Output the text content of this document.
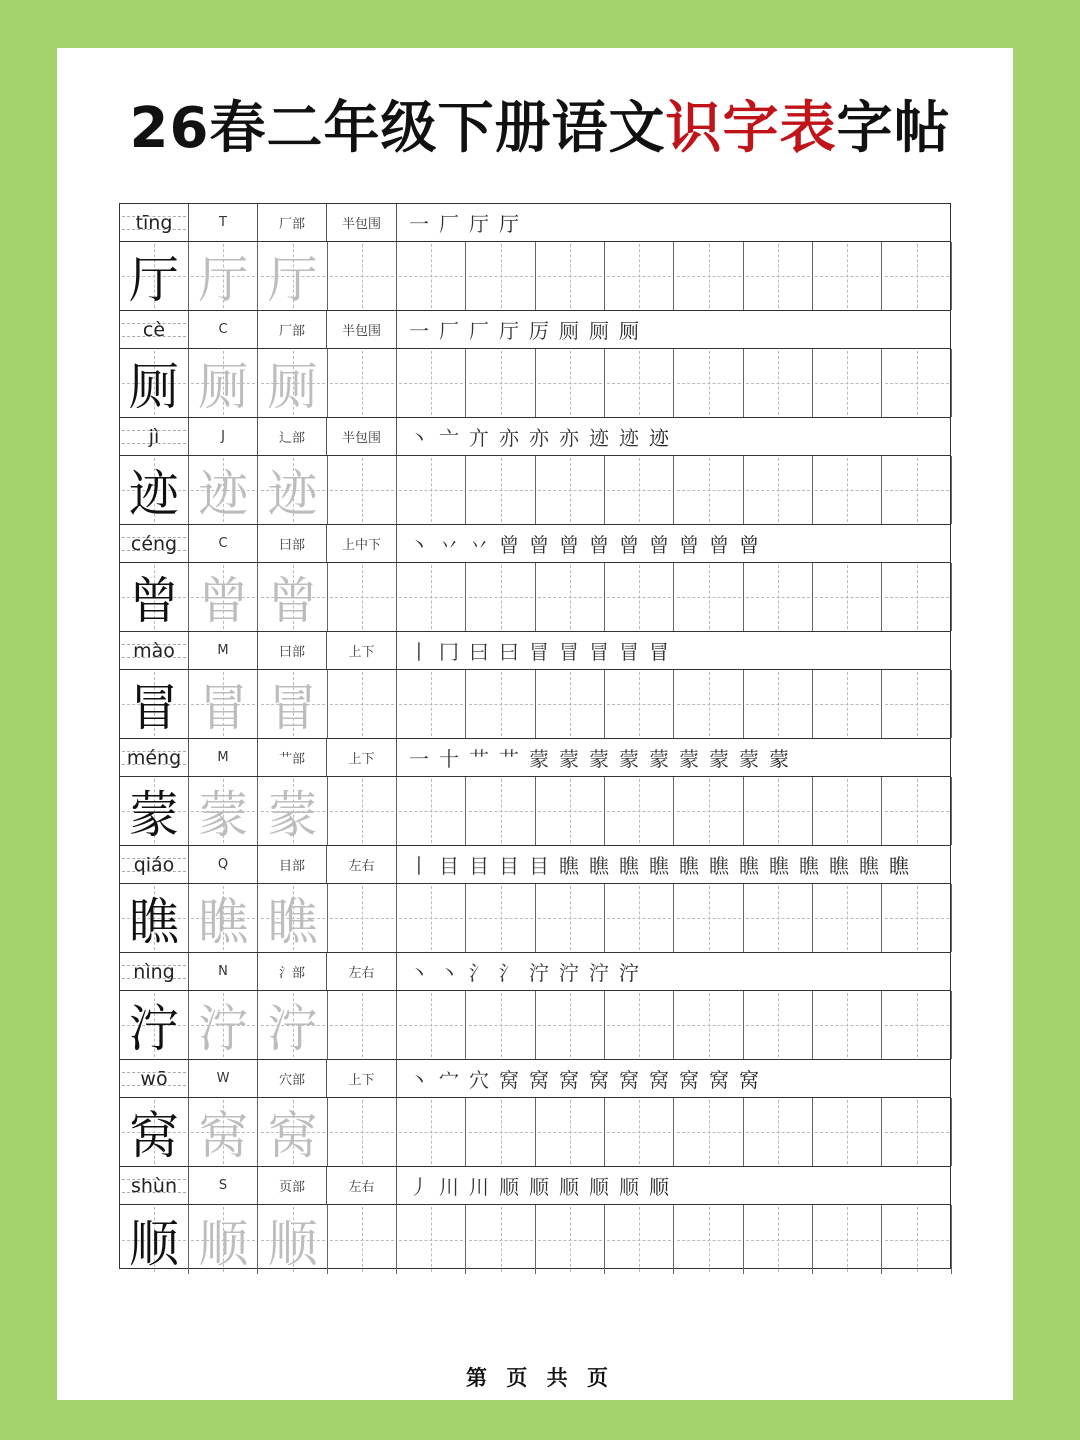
26春二年级下册语文识字表字帖
tīng	T	厂部	半包围	一 厂 厅 厅
厅 厅 厅
cè	C	厂部	半包围	一 厂 厂 厅 厉 厕 厕 厕
厕 厕 厕
jì	J	辶部	半包围	丶 亠 亣 亦 亦 亦 迹 迹 迹
迹 迹 迹
céng	C	曰部	上中下	丶 丷 丷 曾 曾 曾 曾 曾 曾 曾 曾 曾
曾 曾 曾
mào	M	曰部	上下	丨 冂 曰 曰 冒 冒 冒 冒 冒
冒 冒 冒
méng	M	艹部	上下	一 十 艹 艹 蒙 蒙 蒙 蒙 蒙 蒙 蒙 蒙 蒙
蒙 蒙 蒙
qiáo	Q	目部	左右	丨 目 目 目 目 瞧 瞧 瞧 瞧 瞧 瞧 瞧 瞧 瞧 瞧 瞧 瞧
瞧 瞧 瞧
nìng	N	氵部	左右	丶 丶 氵 氵 泞 泞 泞 泞
泞 泞 泞
wō	W	穴部	上下	丶 宀 穴 窝 窝 窝 窝 窝 窝 窝 窝 窝
窝 窝 窝
shùn	S	页部	左右	丿 川 川 顺 顺 顺 顺 顺 顺
顺 顺 顺
第 页 共 页
